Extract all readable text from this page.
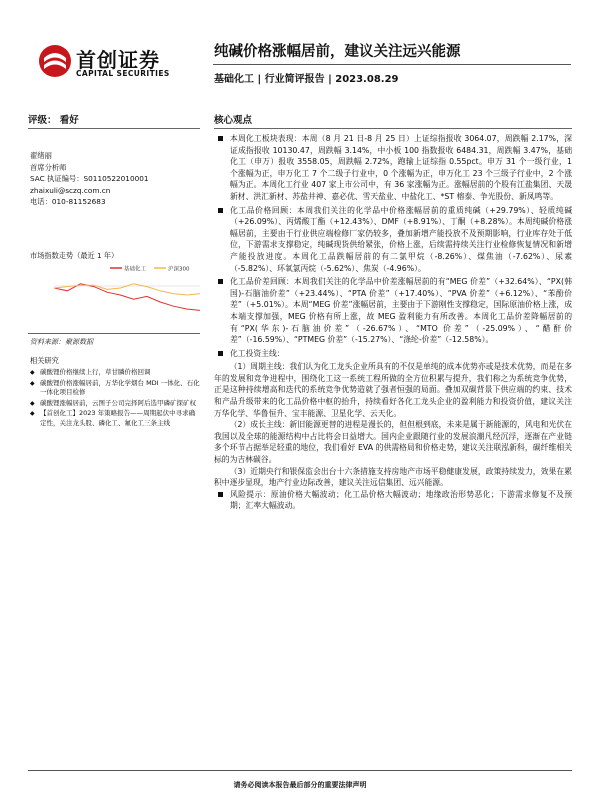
首创证券
CAPITAL SECURITIES
纯碱价格涨幅居前，建议关注远兴能源
基础化工 | 行业简评报告 | 2023.08.29
评级： 看好	核心观点
翟绪丽
首席分析师
SAC 执证编号：S0110522010001
zhaixuli@sczq.com.cn
电话：010-81152683
市场指数走势（最近 1 年）
基础化工	沪深300
资料来源：聚源数据
相关研究
◆ 碳酸锂价格继续上行，草甘膦价格回调
◆ 碳酸锂价格涨幅居前，万华化学烟台 MDI 一体化、石化一体化项目检修
◆ 碳酸锂涨幅居前，云图子公司完择阿后选甲磷矿探矿权
◆ 【首创化工】2023 年策略报告——周期起伏中寻求确定性，关注龙头股、磷化工、氟化工三条主线
本周化工板块表现：本周（8 月 21 日-8 月 25 日）上证综指报收 3064.07，周跌幅 2.17%，深证成指报收 10130.47，周跌幅 3.14%，中小板 100 指数报收 6484.31，周跌幅 3.47%，基础化工（申万）报收 3558.05，周跌幅 2.72%，跑输上证综指 0.55pct。申万 31 个一级行业，1 个涨幅为正，申万化工 7 个二级子行业中，0 个涨幅为正，申万化工 23 个三级子行业中，2 个涨幅为正。本周化工行业 407 家上市公司中，有 36 家涨幅为正。涨幅居前的个股有江盐集团、天晟新材、洪汇新材、苏盐井神、嘉必优、雪天盐业、中盐化工、*ST 榕泰、争光股份、新凤鸣等。
化工品价格回顾：本周我们关注的化学品中价格涨幅居前的重质纯碱（+29.79%）、轻质纯碱（+26.09%）、丙烯酸丁酯（+12.43%）、DMF（+8.91%）、丁酮（+8.28%）。本周纯碱价格涨幅居前，主要由于行业供应端检修厂家仍较多，叠加新增产能投放不及预期影响，行业库存处于低位，下游需求支撑稳定，纯碱现货供给紧张，价格上涨，后续需持续关注行业检修恢复情况和新增产能投放进度。本周化工品跌幅居前的有二氯甲烷（-8.26%）、煤焦油（-7.62%）、尿素（-5.82%）、环氧氯丙烷（-5.62%）、焦炭（-4.96%）。
化工品价差回顾：本周我们关注的化学品中价差涨幅居前的有“MEG 价差”（+32.64%）、“PX(韩国)-石脑油价差”（+23.44%）、“PTA 价差”（+17.40%）、“PVA 价差”（+6.12%）、“苯酚价差”（+5.01%）。本周“MEG 价差”涨幅居前，主要由于下游刚性支撑稳定，国际原油价格上涨，成本端支撑加强，MEG 价格有所上涨，故 MEG 盈利能力有所改善。本周化工品价差降幅居前的有“PX(华东)-石脑油价差”（-26.67%）、“MTO 价差”（-25.09%）、“醋酐价差”（-16.59%）、“PTMEG 价差”（-15.27%）、“涤纶-价差”（-12.58%）。
化工投资主线：
（1）周期主线：我们认为化工龙头企业所具有的不仅是单纯的成本优势亦或是技术优势，而是在多年的发展和竞争进程中，围绕化工这一系统工程所做的全方位积累与提升，我们称之为系统竞争优势，正是这种持续增高和迭代的系统竞争优势造就了强者恒强的局面。叠加双碳背景下供应端的约束、技术和产品升级带来的化工品价格中枢的抬升，持续看好各化工龙头企业的盈利能力和投资价值，建议关注万华化学、华鲁恒升、宝丰能源、卫星化学、云天化。
（2）成长主线：新旧能源更替的进程是漫长的，但但根到底，未来是属于新能源的，风电和光伏在我国以及全球的能源结构中占比将会日益增大。国内企业跟随行业的发展浪潮凡经沉浮，逐渐在产业链多个环节占据举足轻重的地位，我们看好 EVA 的供需格局和价格走势，建议关注联泓新科，碳纤维相关标的为吉林碳谷。
（3）近期央行和银保监会出台十六条措施支持房地产市场平稳健康发展，政策持续发力，效果在累积中逐步显现，地产行业边际改善，建议关注远信集团、远兴能源。
风险提示：原油价格大幅波动；化工品价格大幅波动；地缘政治形势恶化；下游需求修复不及预期；汇率大幅波动。
请务必阅读本报告最后部分的重要法律声明
